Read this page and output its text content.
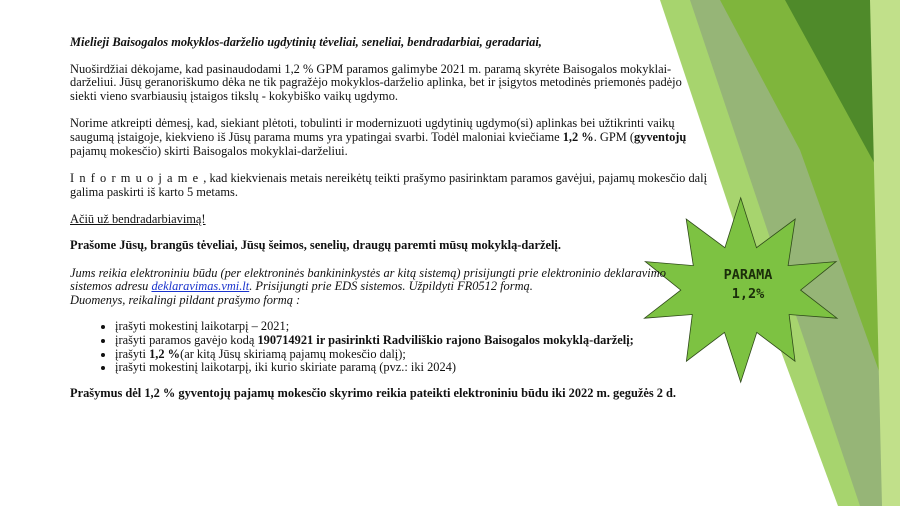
Mielieji Baisogalos mokyklos-darželio ugdytinių tėveliai, seneliai, bendradarbiai, geradariai,

Nuoširdžiai dėkojame, kad pasinaudodami 1,2 % GPM paramos galimybe 2021 m. paramą skyrėte Baisogalos mokyklai-darželiui. Jūsų geranoriškumo dėka ne tik pagražėjo mokyklos-darželio aplinka, bet ir įsigytos metodinės priemonės padėjo siekti vieno svarbiausių įstaigos tikslų - kokybiško vaikų ugdymo.

Norime atkreipti dėmesį, kad, siekiant plėtoti, tobulinti ir modernizuoti ugdytinių ugdymo(si) aplinkas bei užtikrinti vaikų saugumą įstaigoje, kiekvieno iš Jūsų parama mums yra ypatingai svarbi. Todėl maloniai kviečiame 1,2 %. GPM (gyventojų pajamų mokesčio) skirti Baisogalos mokyklai-darželiui.

Informuojame, kad kiekvienais metais nereikėtų teikti prašymo pasirinktam paramos gavėjui, pajamų mokesčio dalį galima paskirti iš karto 5 metams.

Ačiū už bendradarbiavimą!

Prašome Jūsų, brangūs tėveliai, Jūsų šeimos, senelių, draugų paremti mūsų mokyklą-darželį.

Jums reikia elektroniniu būdu (per elektroninės bankininkystės ar kitą sistemą) prisijungti prie elektroninio deklaravimo sistemos adresu deklaravimas.vmi.lt. Prisijungti prie EDS sistemos. Užpildyti FR0512 formą.
Duomenys, reikalingi pildant prašymo formą :

• įrašyti mokestinį laikotarpį – 2021;
• įrašyti paramos gavėjo kodą 190714921 ir pasirinkti Radviliškio rajono Baisogalos mokyklą-darželį;
• įrašyti 1,2 %(ar kitą Jūsų skiriamą pajamų mokesčio dalį);
• įrašyti mokestinį laikotarpį, iki kurio skiriate paramą (pvz.: iki 2024)

Prašymus dėl 1,2 % gyventojų pajamų mokesčio skyrimo reikia pateikti elektroniniu būdu iki 2022 m. gegužės 2 d.

PARAMA
1,2%
